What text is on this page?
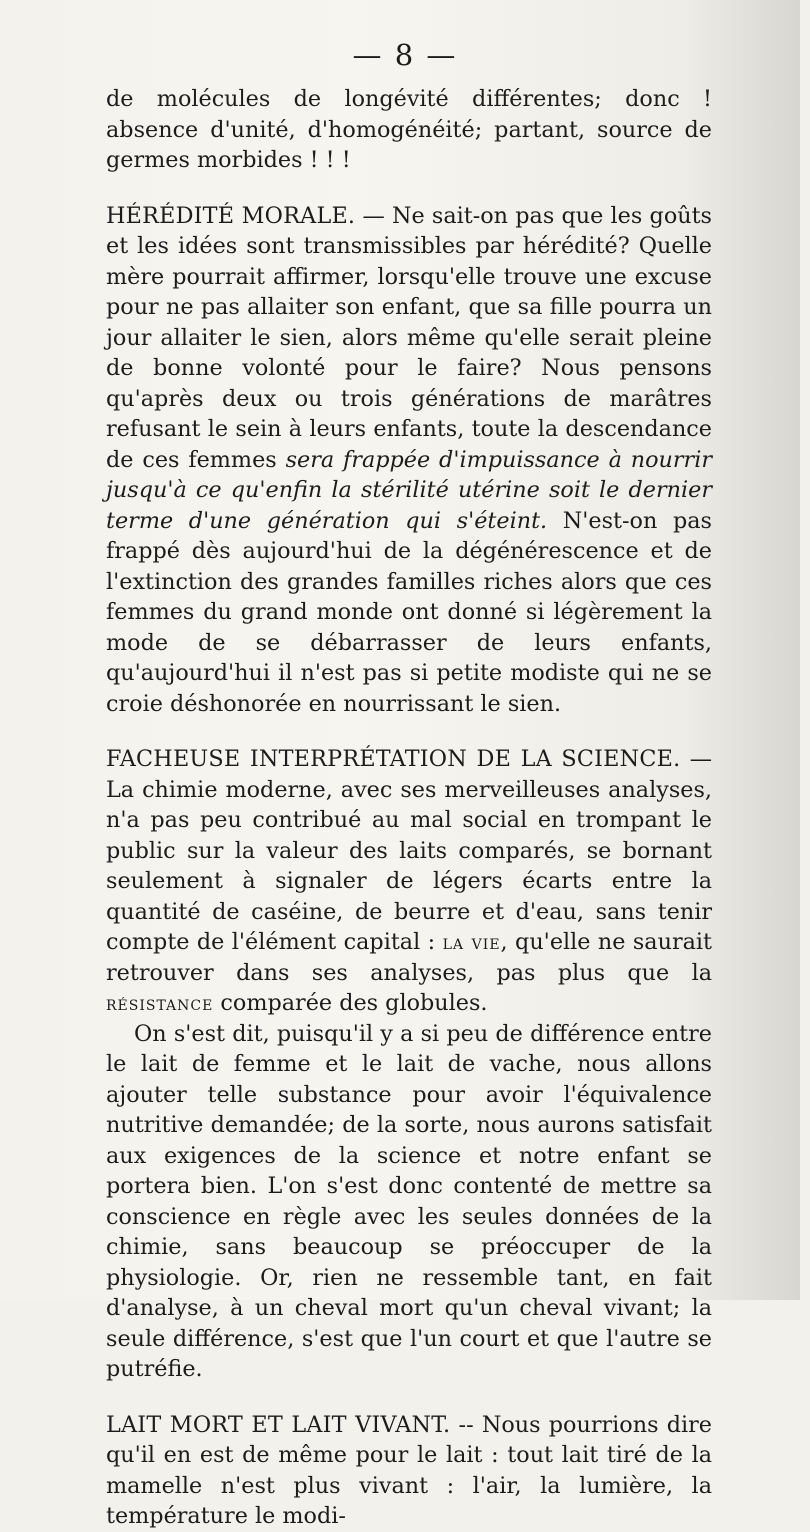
— 8 —

de molécules de longévité différentes; donc ! absence d'unité, d'homogénéité; partant, source de germes morbides ! ! !

HÉRÉDITÉ MORALE. — Ne sait-on pas que les goûts et les idées sont transmissibles par hérédité? Quelle mère pourrait affirmer, lorsqu'elle trouve une excuse pour ne pas allaiter son enfant, que sa fille pourra un jour allaiter le sien, alors même qu'elle serait pleine de bonne volonté pour le faire? Nous pensons qu'après deux ou trois générations de marâtres refusant le sein à leurs enfants, toute la descendance de ces femmes sera frappée d'impuissance à nourrir jusqu'à ce qu'enfin la stérilité utérine soit le dernier terme d'une génération qui s'éteint. N'est-on pas frappé dès aujourd'hui de la dégénérescence et de l'extinction des grandes familles riches alors que ces femmes du grand monde ont donné si légèrement la mode de se débarrasser de leurs enfants, qu'aujourd'hui il n'est pas si petite modiste qui ne se croie déshonorée en nourrissant le sien.

FACHEUSE INTERPRÉTATION DE LA SCIENCE. — La chimie moderne, avec ses merveilleuses analyses, n'a pas peu contribué au mal social en trompant le public sur la valeur des laits comparés, se bornant seulement à signaler de légers écarts entre la quantité de caséine, de beurre et d'eau, sans tenir compte de l'élément capital : la vie, qu'elle ne saurait retrouver dans ses analyses, pas plus que la résistance comparée des globules.

On s'est dit, puisqu'il y a si peu de différence entre le lait de femme et le lait de vache, nous allons ajouter telle substance pour avoir l'équivalence nutritive demandée; de la sorte, nous aurons satisfait aux exigences de la science et notre enfant se portera bien. L'on s'est donc contenté de mettre sa conscience en règle avec les seules données de la chimie, sans beaucoup se préoccuper de la physiologie. Or, rien ne ressemble tant, en fait d'analyse, à un cheval mort qu'un cheval vivant; la seule différence, s'est que l'un court et que l'autre se putréfie.

LAIT MORT ET LAIT VIVANT. -- Nous pourrions dire qu'il en est de même pour le lait : tout lait tiré de la mamelle n'est plus vivant : l'air, la lumière, la température le modi-
